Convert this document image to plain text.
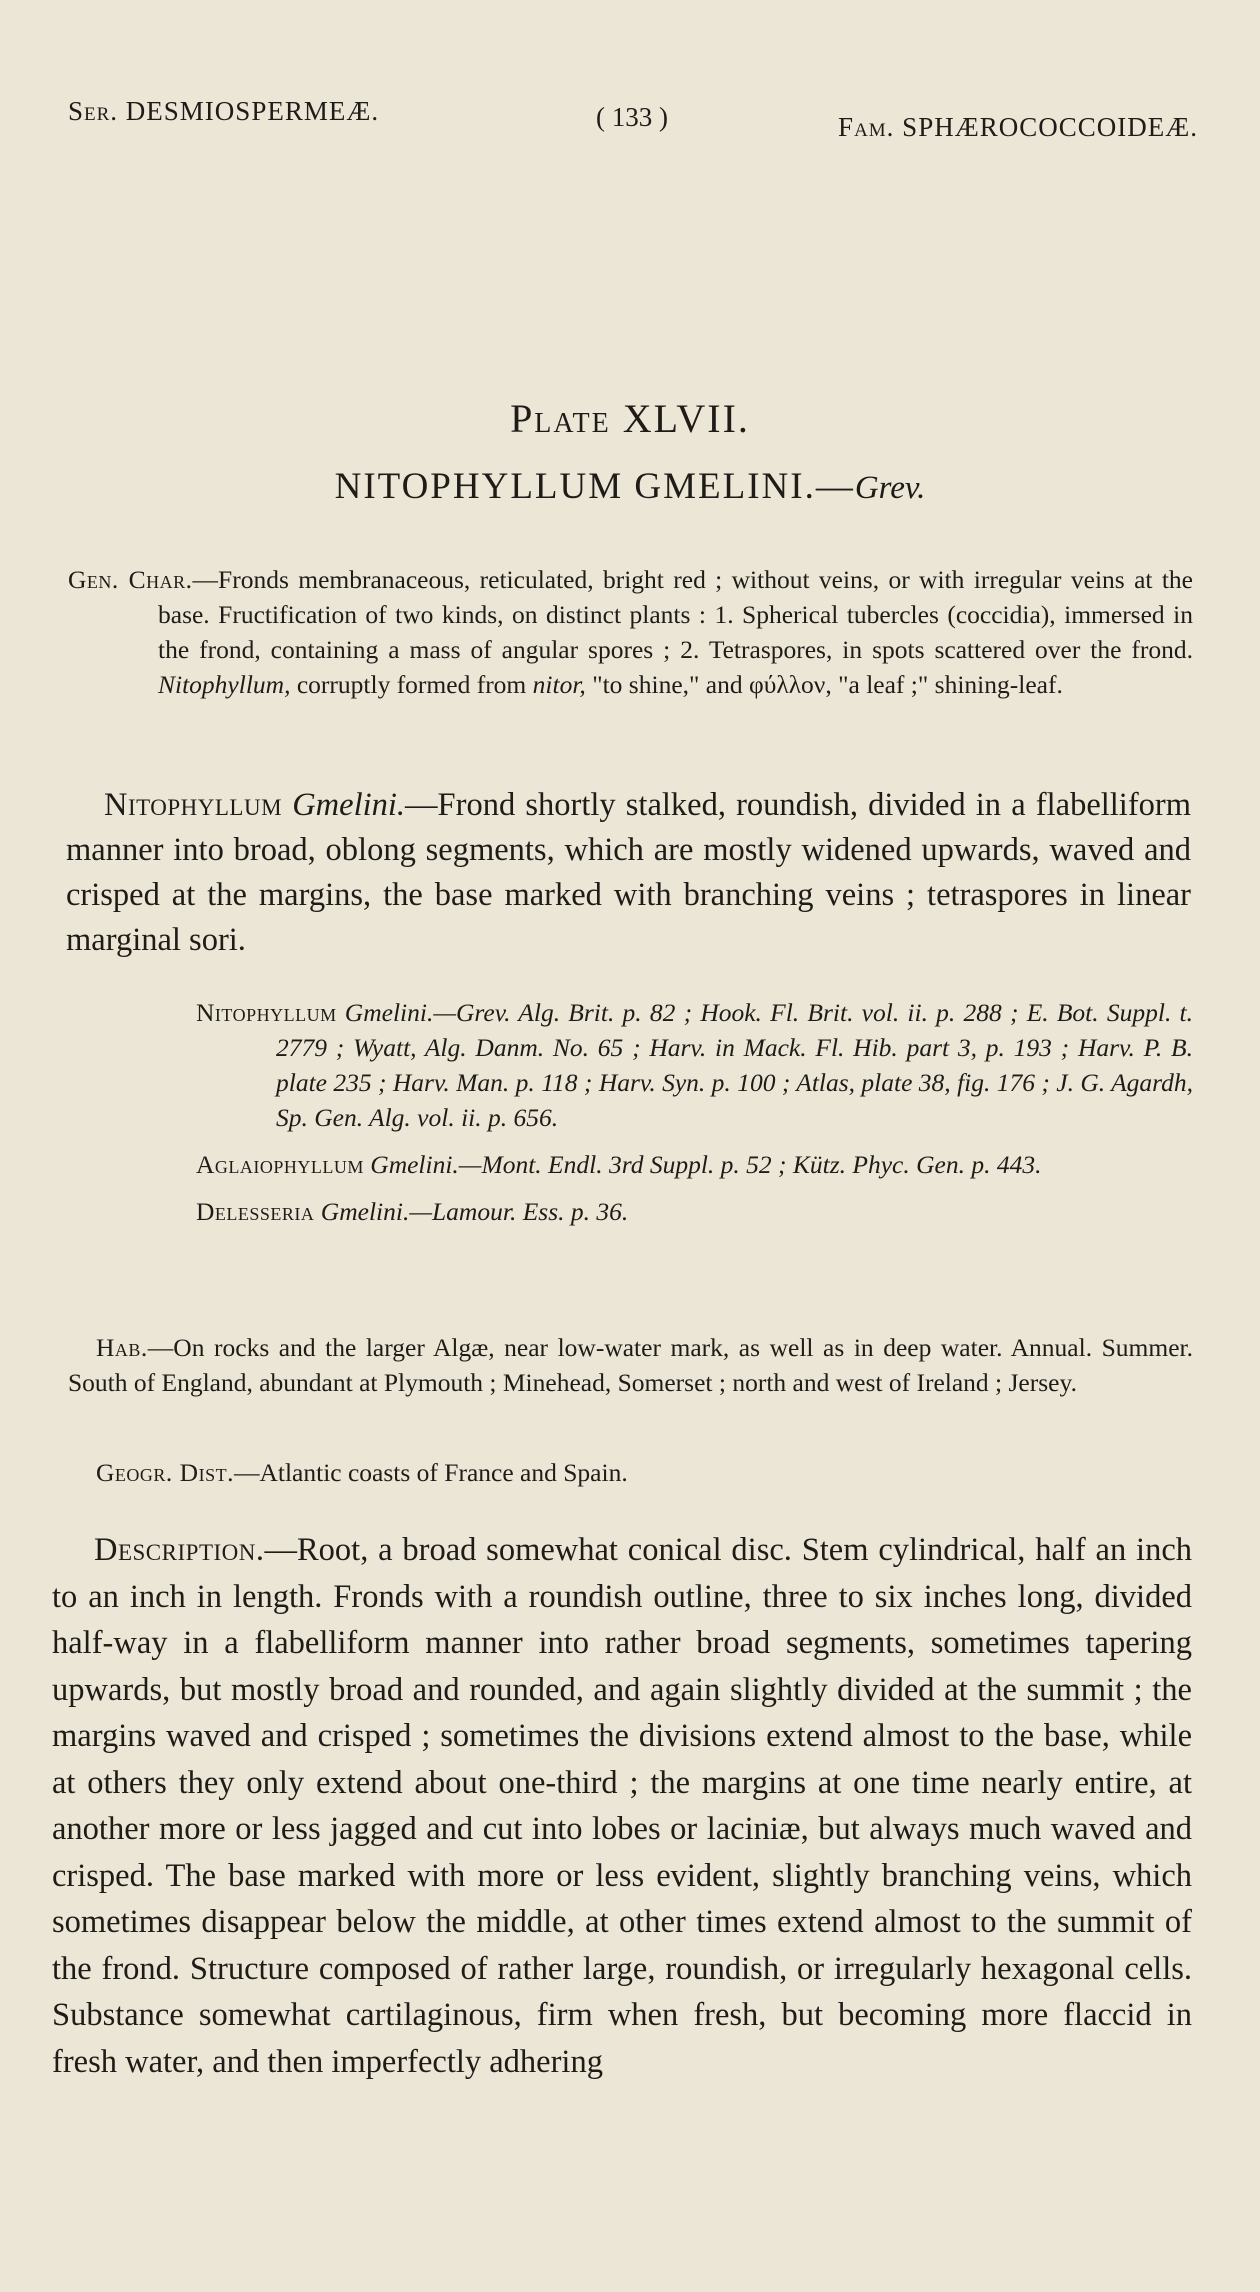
Ser. DESMIOSPERMEÆ.	( 133 )	Fam. SPHÆROCOCCOIDEÆ.
Plate XLVII.
NITOPHYLLUM GMELINI.—Grev.

Gen. Char.—Fronds membranaceous, reticulated, bright red ; without veins, or with irregular veins at the base. Fructification of two kinds, on distinct plants : 1. Spherical tubercles (coccidia), immersed in the frond, containing a mass of angular spores ; 2. Tetraspores, in spots scattered over the frond. Nitophyllum, corruptly formed from nitor, "to shine," and φύλλον, "a leaf ;" shining-leaf.

Nitophyllum Gmelini.—Frond shortly stalked, roundish, divided in a flabelliform manner into broad, oblong segments, which are mostly widened upwards, waved and crisped at the margins, the base marked with branching veins ; tetraspores in linear marginal sori.

Nitophyllum Gmelini.—Grev. Alg. Brit. p. 82 ; Hook. Fl. Brit. vol. ii. p. 288 ; E. Bot. Suppl. t. 2779 ; Wyatt, Alg. Danm. No. 65 ; Harv. in Mack. Fl. Hib. part 3, p. 193 ; Harv. P. B. plate 235 ; Harv. Man. p. 118 ; Harv. Syn. p. 100 ; Atlas, plate 38, fig. 176 ; J. G. Agardh, Sp. Gen. Alg. vol. ii. p. 656.

Aglaiophyllum Gmelini.—Mont. Endl. 3rd Suppl. p. 52 ; Kütz. Phyc. Gen. p. 443.

Delesseria Gmelini.—Lamour. Ess. p. 36.

Hab.—On rocks and the larger Algæ, near low-water mark, as well as in deep water. Annual. Summer. South of England, abundant at Plymouth ; Minehead, Somerset ; north and west of Ireland ; Jersey.

Geogr. Dist.—Atlantic coasts of France and Spain.

Description.—Root, a broad somewhat conical disc. Stem cylindrical, half an inch to an inch in length. Fronds with a roundish outline, three to six inches long, divided half-way in a flabelliform manner into rather broad segments, sometimes tapering upwards, but mostly broad and rounded, and again slightly divided at the summit ; the margins waved and crisped ; sometimes the divisions extend almost to the base, while at others they only extend about one-third ; the margins at one time nearly entire, at another more or less jagged and cut into lobes or laciniæ, but always much waved and crisped. The base marked with more or less evident, slightly branching veins, which sometimes disappear below the middle, at other times extend almost to the summit of the frond. Structure composed of rather large, roundish, or irregularly hexagonal cells. Substance somewhat cartilaginous, firm when fresh, but becoming more flaccid in fresh water, and then imperfectly adhering
